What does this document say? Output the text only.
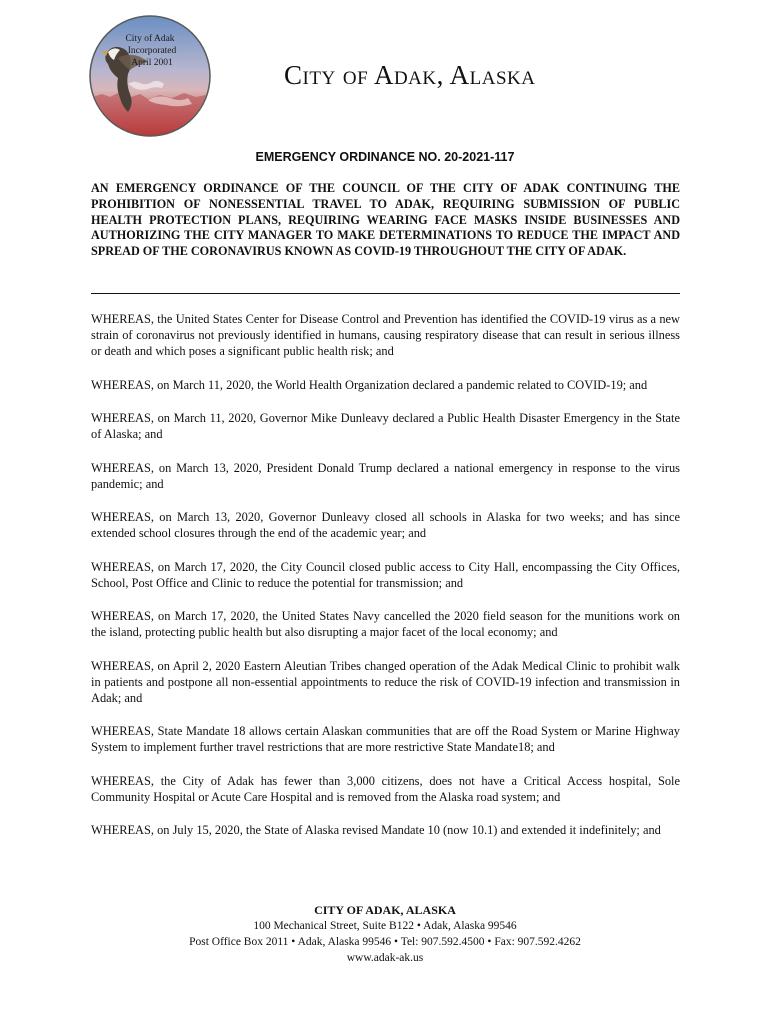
City of Adak
Incorporated
April 2001	City of Adak, Alaska
EMERGENCY ORDINANCE NO. 20-2021-117
AN EMERGENCY ORDINANCE OF THE COUNCIL OF THE CITY OF ADAK CONTINUING THE PROHIBITION OF NONESSENTIAL TRAVEL TO ADAK, REQUIRING SUBMISSION OF PUBLIC HEALTH PROTECTION PLANS, REQUIRING WEARING FACE MASKS INSIDE BUSINESSES AND AUTHORIZING THE CITY MANAGER TO MAKE DETERMINATIONS TO REDUCE THE IMPACT AND SPREAD OF THE CORONAVIRUS KNOWN AS COVID-19 THROUGHOUT THE CITY OF ADAK.

WHEREAS, the United States Center for Disease Control and Prevention has identified the COVID-19 virus as a new strain of coronavirus not previously identified in humans, causing respiratory disease that can result in serious illness or death and which poses a significant public health risk; and

WHEREAS, on March 11, 2020, the World Health Organization declared a pandemic related to COVID-19; and

WHEREAS, on March 11, 2020, Governor Mike Dunleavy declared a Public Health Disaster Emergency in the State of Alaska; and

WHEREAS, on March 13, 2020, President Donald Trump declared a national emergency in response to the virus pandemic; and

WHEREAS, on March 13, 2020, Governor Dunleavy closed all schools in Alaska for two weeks; and has since extended school closures through the end of the academic year; and

WHEREAS, on March 17, 2020, the City Council closed public access to City Hall, encompassing the City Offices, School, Post Office and Clinic to reduce the potential for transmission; and

WHEREAS, on March 17, 2020, the United States Navy cancelled the 2020 field season for the munitions work on the island, protecting public health but also disrupting a major facet of the local economy; and

WHEREAS, on April 2, 2020 Eastern Aleutian Tribes changed operation of the Adak Medical Clinic to prohibit walk in patients and postpone all non-essential appointments to reduce the risk of COVID-19 infection and transmission in Adak; and

WHEREAS, State Mandate 18 allows certain Alaskan communities that are off the Road System or Marine Highway System to implement further travel restrictions that are more restrictive State Mandate18; and

WHEREAS, the City of Adak has fewer than 3,000 citizens, does not have a Critical Access hospital, Sole Community Hospital or Acute Care Hospital and is removed from the Alaska road system; and

WHEREAS, on July 15, 2020, the State of Alaska revised Mandate 10 (now 10.1) and extended it indefinitely; and

CITY OF ADAK, ALASKA
100 Mechanical Street, Suite B122 • Adak, Alaska 99546
Post Office Box 2011 • Adak, Alaska 99546 • Tel: 907.592.4500 • Fax: 907.592.4262
www.adak-ak.us
